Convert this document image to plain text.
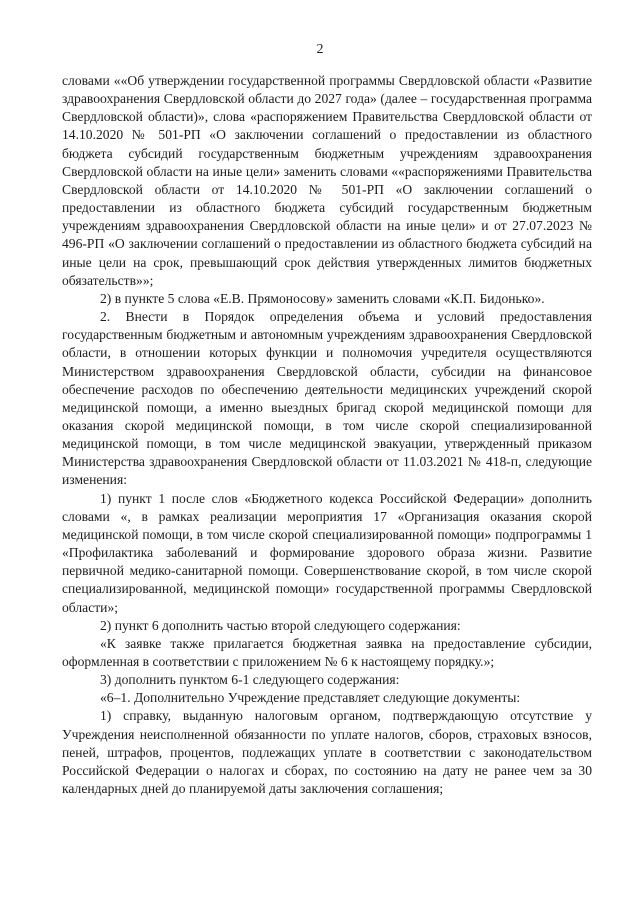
2

словами ««Об утверждении государственной программы Свердловской области «Развитие здравоохранения Свердловской области до 2027 года» (далее – государственная программа Свердловской области)», слова «распоряжением Правительства Свердловской области от 14.10.2020 № 501-РП «О заключении соглашений о предоставлении из областного бюджета субсидий государственным бюджетным учреждениям здравоохранения Свердловской области на иные цели» заменить словами ««распоряжениями Правительства Свердловской области от 14.10.2020 № 501-РП «О заключении соглашений о предоставлении из областного бюджета субсидий государственным бюджетным учреждениям здравоохранения Свердловской области на иные цели» и от 27.07.2023 № 496-РП «О заключении соглашений о предоставлении из областного бюджета субсидий на иные цели на срок, превышающий срок действия утвержденных лимитов бюджетных обязательств»»;

2) в пункте 5 слова «Е.В. Прямоносову» заменить словами «К.П. Бидонько».

2. Внести в Порядок определения объема и условий предоставления государственным бюджетным и автономным учреждениям здравоохранения Свердловской области, в отношении которых функции и полномочия учредителя осуществляются Министерством здравоохранения Свердловской области, субсидии на финансовое обеспечение расходов по обеспечению деятельности медицинских учреждений скорой медицинской помощи, а именно выездных бригад скорой медицинской помощи для оказания скорой медицинской помощи, в том числе скорой специализированной медицинской помощи, в том числе медицинской эвакуации, утвержденный приказом Министерства здравоохранения Свердловской области от 11.03.2021 № 418-п, следующие изменения:

1) пункт 1 после слов «Бюджетного кодекса Российской Федерации» дополнить словами «, в рамках реализации мероприятия 17 «Организация оказания скорой медицинской помощи, в том числе скорой специализированной помощи» подпрограммы 1 «Профилактика заболеваний и формирование здорового образа жизни. Развитие первичной медико-санитарной помощи. Совершенствование скорой, в том числе скорой специализированной, медицинской помощи» государственной программы Свердловской области»;

2) пункт 6 дополнить частью второй следующего содержания:

«К заявке также прилагается бюджетная заявка на предоставление субсидии, оформленная в соответствии с приложением № 6 к настоящему порядку.»;

3) дополнить пунктом 6-1 следующего содержания:

«6–1. Дополнительно Учреждение представляет следующие документы:

1) справку, выданную налоговым органом, подтверждающую отсутствие у Учреждения неисполненной обязанности по уплате налогов, сборов, страховых взносов, пеней, штрафов, процентов, подлежащих уплате в соответствии с законодательством Российской Федерации о налогах и сборах, по состоянию на дату не ранее чем за 30 календарных дней до планируемой даты заключения соглашения;
